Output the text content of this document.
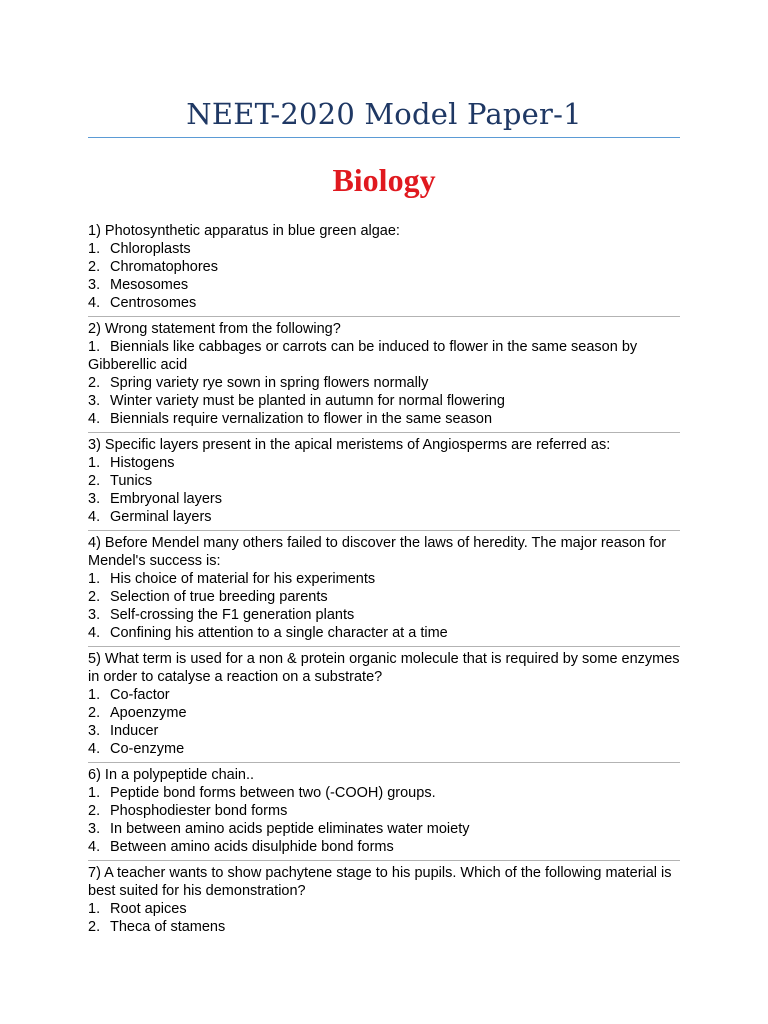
NEET-2020 Model Paper-1
Biology
1) Photosynthetic apparatus in blue green algae:
1. Chloroplasts
2. Chromatophores
3. Mesosomes
4. Centrosomes
2) Wrong statement from the following?
1. Biennials like cabbages or carrots can be induced to flower in the same season by
Gibberellic acid
2. Spring variety rye sown in spring flowers normally
3. Winter variety must be planted in autumn for normal flowering
4. Biennials require vernalization to flower in the same season
3) Specific layers present in the apical meristems of Angiosperms are referred as:
1. Histogens
2. Tunics
3. Embryonal layers
4. Germinal layers
4) Before Mendel many others failed to discover the laws of heredity. The major reason for Mendel's success is:
1. His choice of material for his experiments
2. Selection of true breeding parents
3. Self-crossing the F1 generation plants
4. Confining his attention to a single character at a time
5) What term is used for a non & protein organic molecule that is required by some enzymes in order to catalyse a reaction on a substrate?
1. Co-factor
2. Apoenzyme
3. Inducer
4. Co-enzyme
6) In a polypeptide chain..
1. Peptide bond forms between two (-COOH) groups.
2. Phosphodiester bond forms
3. In between amino acids peptide eliminates water moiety
4. Between amino acids disulphide bond forms
7) A teacher wants to show pachytene stage to his pupils. Which of the following material is best suited for his demonstration?
1. Root apices
2. Theca of stamens
